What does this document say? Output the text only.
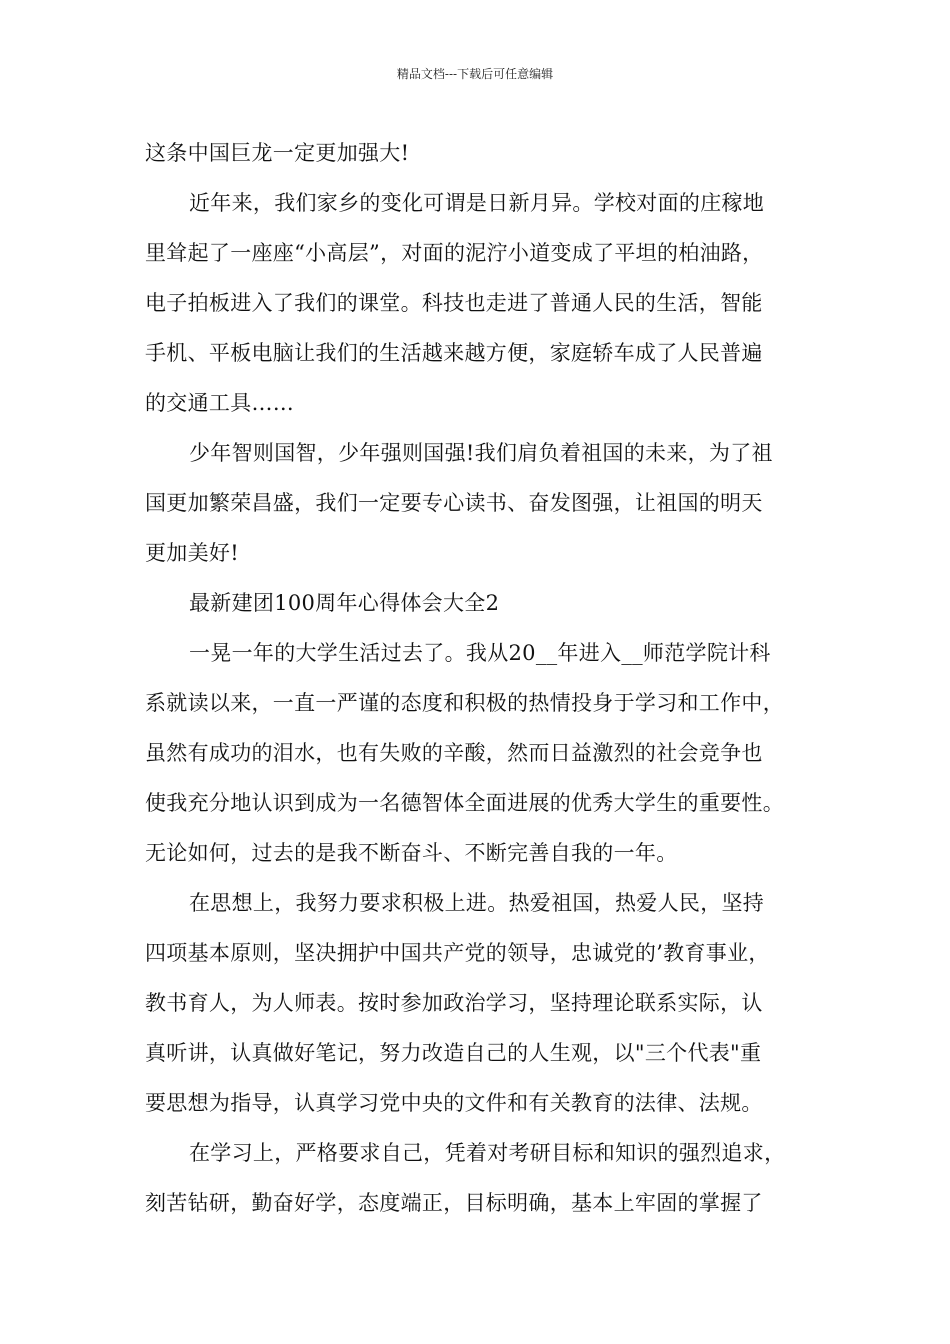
精品文档---下载后可任意编辑
这条中国巨龙一定更加强大!
近年来，我们家乡的变化可谓是日新月异。学校对面的庄稼地
里耸起了一座座“小高层”，对面的泥泞小道变成了平坦的柏油路，
电子拍板进入了我们的课堂。科技也走进了普通人民的生活，智能
手机、平板电脑让我们的生活越来越方便，家庭轿车成了人民普遍
的交通工具……
少年智则国智，少年强则国强!我们肩负着祖国的未来，为了祖
国更加繁荣昌盛，我们一定要专心读书、奋发图强，让祖国的明天
更加美好!
最新建团100周年心得体会大全2
一晃一年的大学生活过去了。我从20__年进入__师范学院计科
系就读以来，一直一严谨的态度和积极的热情投身于学习和工作中，
虽然有成功的泪水，也有失败的辛酸，然而日益激烈的社会竞争也
使我充分地认识到成为一名德智体全面进展的优秀大学生的重要性。
无论如何，过去的是我不断奋斗、不断完善自我的一年。
在思想上，我努力要求积极上进。热爱祖国，热爱人民，坚持
四项基本原则，坚决拥护中国共产党的领导，忠诚党的’教育事业，
教书育人，为人师表。按时参加政治学习，坚持理论联系实际，认
真听讲，认真做好笔记，努力改造自己的人生观，以"三个代表"重
要思想为指导，认真学习党中央的文件和有关教育的法律、法规。
在学习上，严格要求自己，凭着对考研目标和知识的强烈追求，
刻苦钻研，勤奋好学，态度端正，目标明确，基本上牢固的掌握了
